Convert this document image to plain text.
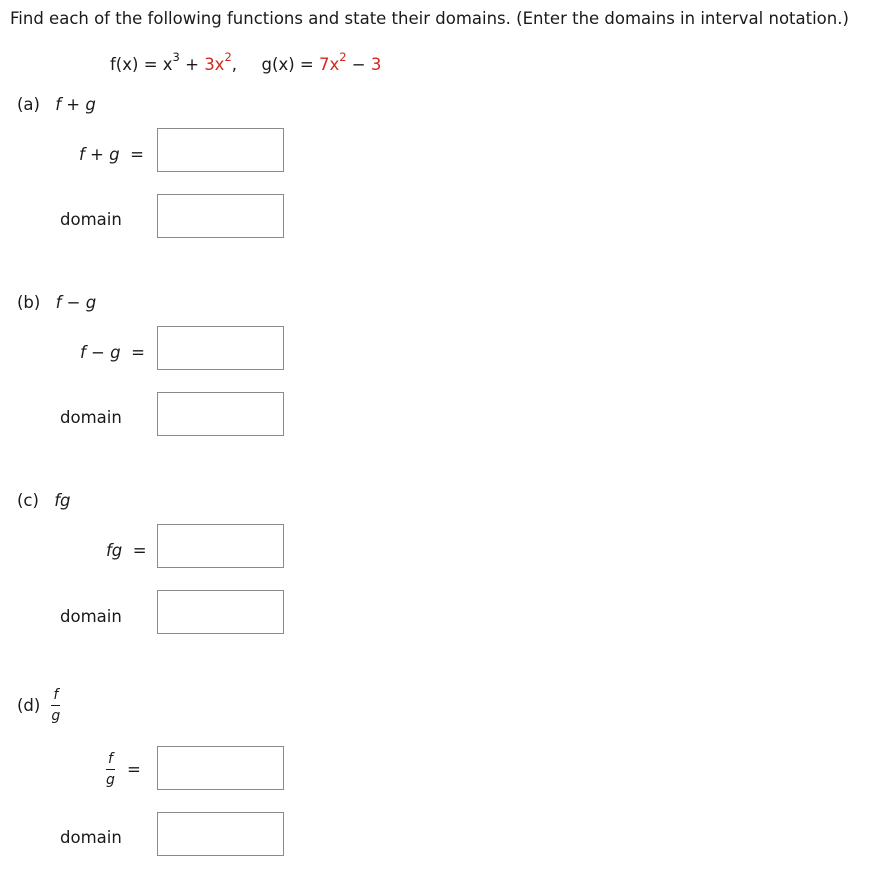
Find each of the following functions and state their domains. (Enter the domains in interval notation.)
$f(x) = x^3 + 3x^2$, $g(x) = 7x^2 - 3$
(a) f + g
f + g =
domain
(b) f − g
f − g =
domain
(c) fg
fg =
domain
$(d) \frac{f}{g}$
$\frac{f}{g}$ =
domain
